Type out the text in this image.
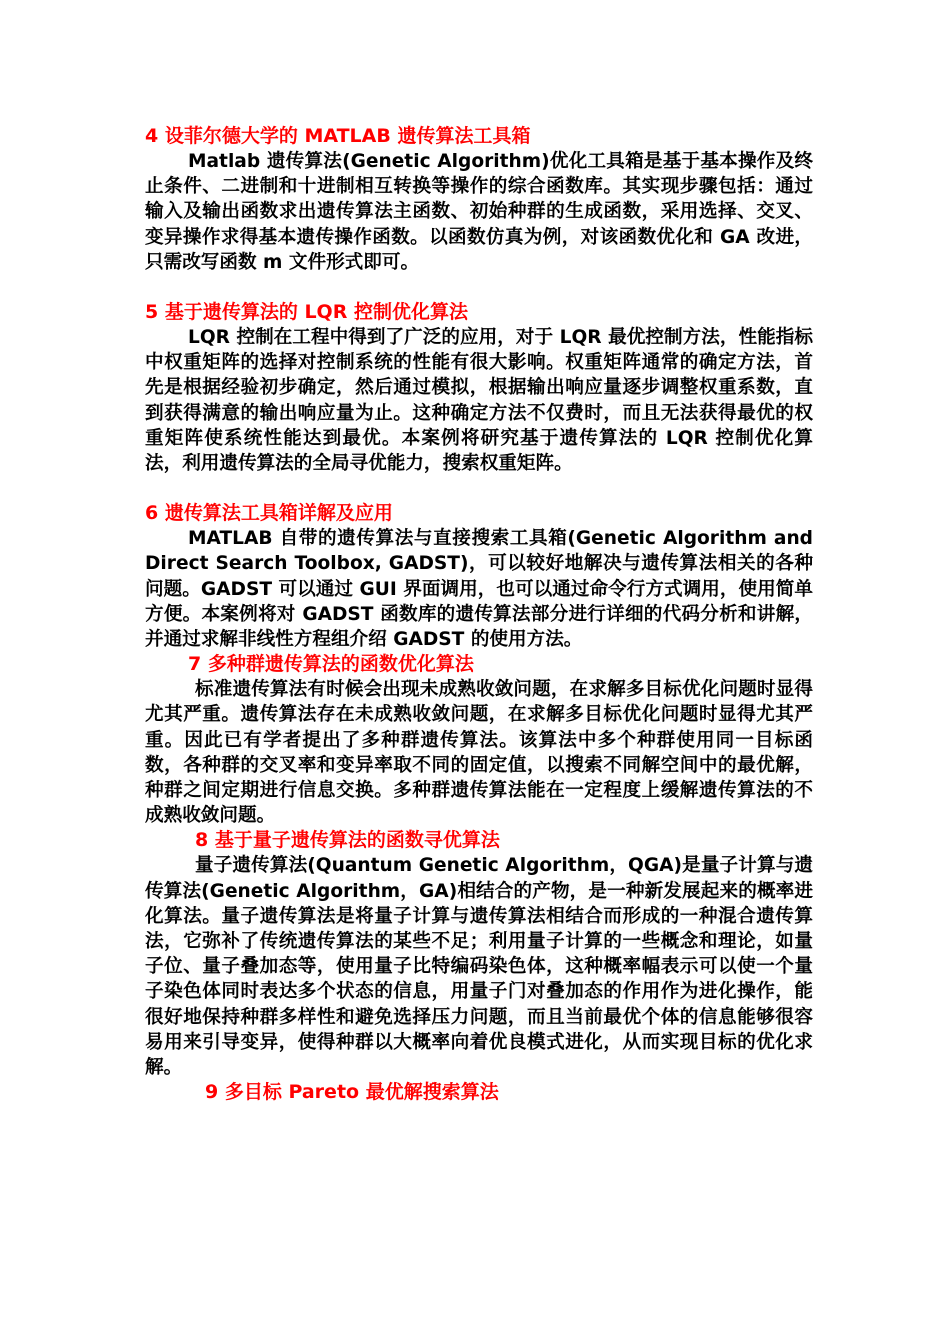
4 设菲尔德大学的 MATLAB 遗传算法工具箱
Matlab 遗传算法(Genetic Algorithm)优化工具箱是基于基本操作及终止条件、二进制和十进制相互转换等操作的综合函数库。其实现步骤包括：通过输入及输出函数求出遗传算法主函数、初始种群的生成函数，采用选择、交叉、变异操作求得基本遗传操作函数。以函数仿真为例，对该函数优化和 GA 改进，只需改写函数 m 文件形式即可。
5 基于遗传算法的 LQR 控制优化算法
LQR 控制在工程中得到了广泛的应用，对于 LQR 最优控制方法，性能指标中权重矩阵的选择对控制系统的性能有很大影响。权重矩阵通常的确定方法，首先是根据经验初步确定，然后通过模拟，根据输出响应量逐步调整权重系数，直到获得满意的输出响应量为止。这种确定方法不仅费时，而且无法获得最优的权重矩阵使系统性能达到最优。本案例将研究基于遗传算法的 LQR 控制优化算法，利用遗传算法的全局寻优能力，搜索权重矩阵。
6 遗传算法工具箱详解及应用
MATLAB 自带的遗传算法与直接搜索工具箱(Genetic Algorithm and Direct Search Toolbox, GADST)，可以较好地解决与遗传算法相关的各种问题。GADST 可以通过 GUI 界面调用，也可以通过命令行方式调用，使用简单方便。本案例将对 GADST 函数库的遗传算法部分进行详细的代码分析和讲解，并通过求解非线性方程组介绍 GADST 的使用方法。
7 多种群遗传算法的函数优化算法
标准遗传算法有时候会出现未成熟收敛问题，在求解多目标优化问题时显得尤其严重。遗传算法存在未成熟收敛问题，在求解多目标优化问题时显得尤其严重。因此已有学者提出了多种群遗传算法。该算法中多个种群使用同一目标函数，各种群的交叉率和变异率取不同的固定值，以搜索不同解空间中的最优解，种群之间定期进行信息交换。多种群遗传算法能在一定程度上缓解遗传算法的不成熟收敛问题。
8 基于量子遗传算法的函数寻优算法
量子遗传算法(Quantum Genetic Algorithm，QGA)是量子计算与遗传算法(Genetic Algorithm，GA)相结合的产物，是一种新发展起来的概率进化算法。量子遗传算法是将量子计算与遗传算法相结合而形成的一种混合遗传算法，它弥补了传统遗传算法的某些不足；利用量子计算的一些概念和理论，如量子位、量子叠加态等，使用量子比特编码染色体，这种概率幅表示可以使一个量子染色体同时表达多个状态的信息，用量子门对叠加态的作用作为进化操作，能很好地保持种群多样性和避免选择压力问题，而且当前最优个体的信息能够很容易用来引导变异，使得种群以大概率向着优良模式进化，从而实现目标的优化求解。
9 多目标 Pareto 最优解搜索算法
